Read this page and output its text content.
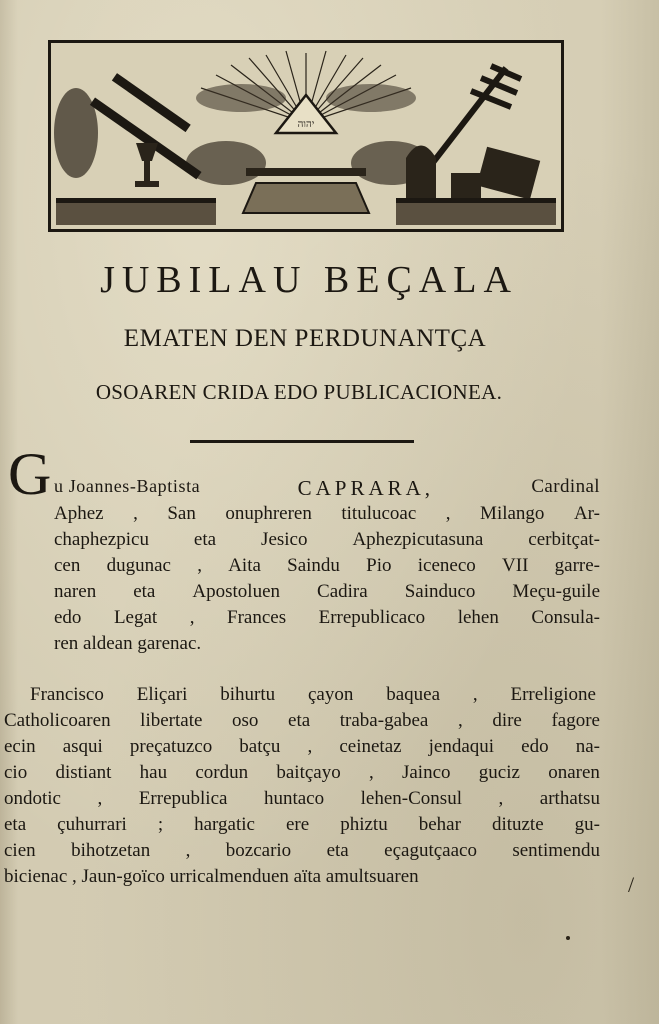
יהוה
JUBILAU BEÇALA
EMATEN DEN PERDUNANTÇA
OSOAREN CRIDA EDO PUBLICACIONEA.
G u Joannes-Baptista	CAPRARA,	Cardinal
Aphez , San onuphreren titulucoac , Milango Ar-
chaphezpicu eta Jesico Aphezpicutasuna cerbitçat-
cen dugunac , Aita Saindu Pio iceneco VII garre-
naren eta Apostoluen Cadira Sainduco Meçu-guile
edo Legat , Frances Errepublicaco lehen Consula-
ren aldean garenac.
Francisco Eliçari bihurtu çayon baquea , Erreligione
Catholicoaren libertate oso eta traba-gabea , dire fagore
ecin asqui preçatuzco batçu , ceinetaz jendaqui edo na-
cio distiant hau cordun baitçayo , Jainco guciz onaren
ondotic , Errepublica huntaco lehen-Consul , arthatsu
eta çuhurrari ; hargatic ere phiztu behar dituzte gu-
cien bihotzetan , bozcario eta eçagutçaaco sentimendu
bicienac , Jaun-goïco urricalmenduen aïta amultsuaren	/
